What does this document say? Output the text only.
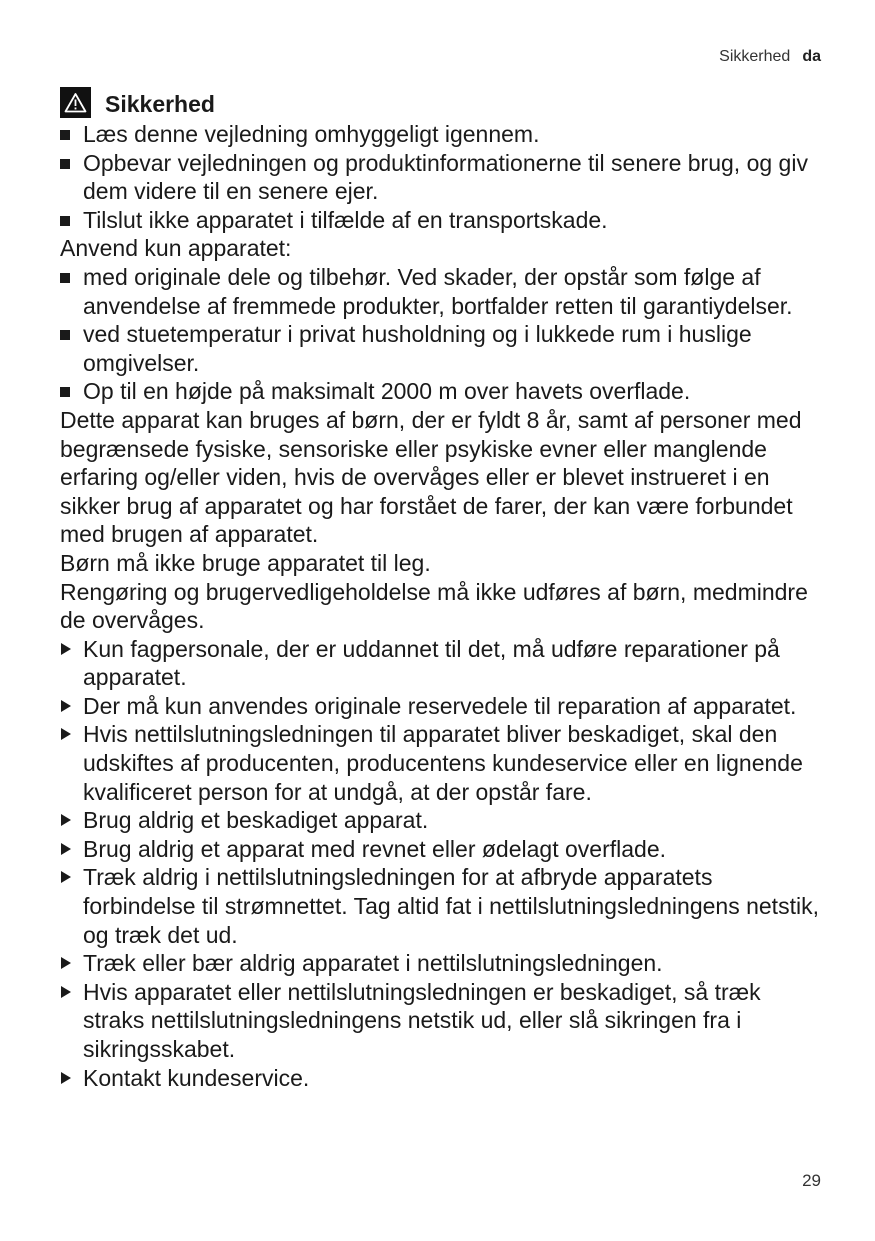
Sikkerhed da
Sikkerhed
Læs denne vejledning omhyggeligt igennem.
Opbevar vejledningen og produktinformationerne til senere brug, og giv dem videre til en senere ejer.
Tilslut ikke apparatet i tilfælde af en transportskade.

Anvend kun apparatet:

med originale dele og tilbehør. Ved skader, der opstår som følge af anvendelse af fremmede produkter, bortfalder retten til garantiydelser.
ved stuetemperatur i privat husholdning og i lukkede rum i huslige omgivelser.
Op til en højde på maksimalt 2000 m over havets overflade.

Dette apparat kan bruges af børn, der er fyldt 8 år, samt af personer med begrænsede fysiske, sensoriske eller psykiske evner eller manglende erfaring og/eller viden, hvis de overvåges eller er blevet instrueret i en sikker brug af apparatet og har forstået de farer, der kan være forbundet med brugen af apparatet.

Børn må ikke bruge apparatet til leg.

Rengøring og brugervedligeholdelse må ikke udføres af børn, medmindre de overvåges.

Kun fagpersonale, der er uddannet til det, må udføre reparationer på apparatet.
Der må kun anvendes originale reservedele til reparation af apparatet.
Hvis nettilslutningsledningen til apparatet bliver beskadiget, skal den udskiftes af producenten, producentens kundeservice eller en lignende kvalificeret person for at undgå, at der opstår fare.
Brug aldrig et beskadiget apparat.
Brug aldrig et apparat med revnet eller ødelagt overflade.
Træk aldrig i nettilslutningsledningen for at afbryde apparatets forbindelse til strømnettet. Tag altid fat i nettilslutningsledningens netstik, og træk det ud.
Træk eller bær aldrig apparatet i nettilslutningsledningen.
Hvis apparatet eller nettilslutningsledningen er beskadiget, så træk straks nettilslutningsledningens netstik ud, eller slå sikringen fra i sikringsskabet.
Kontakt kundeservice.
29
